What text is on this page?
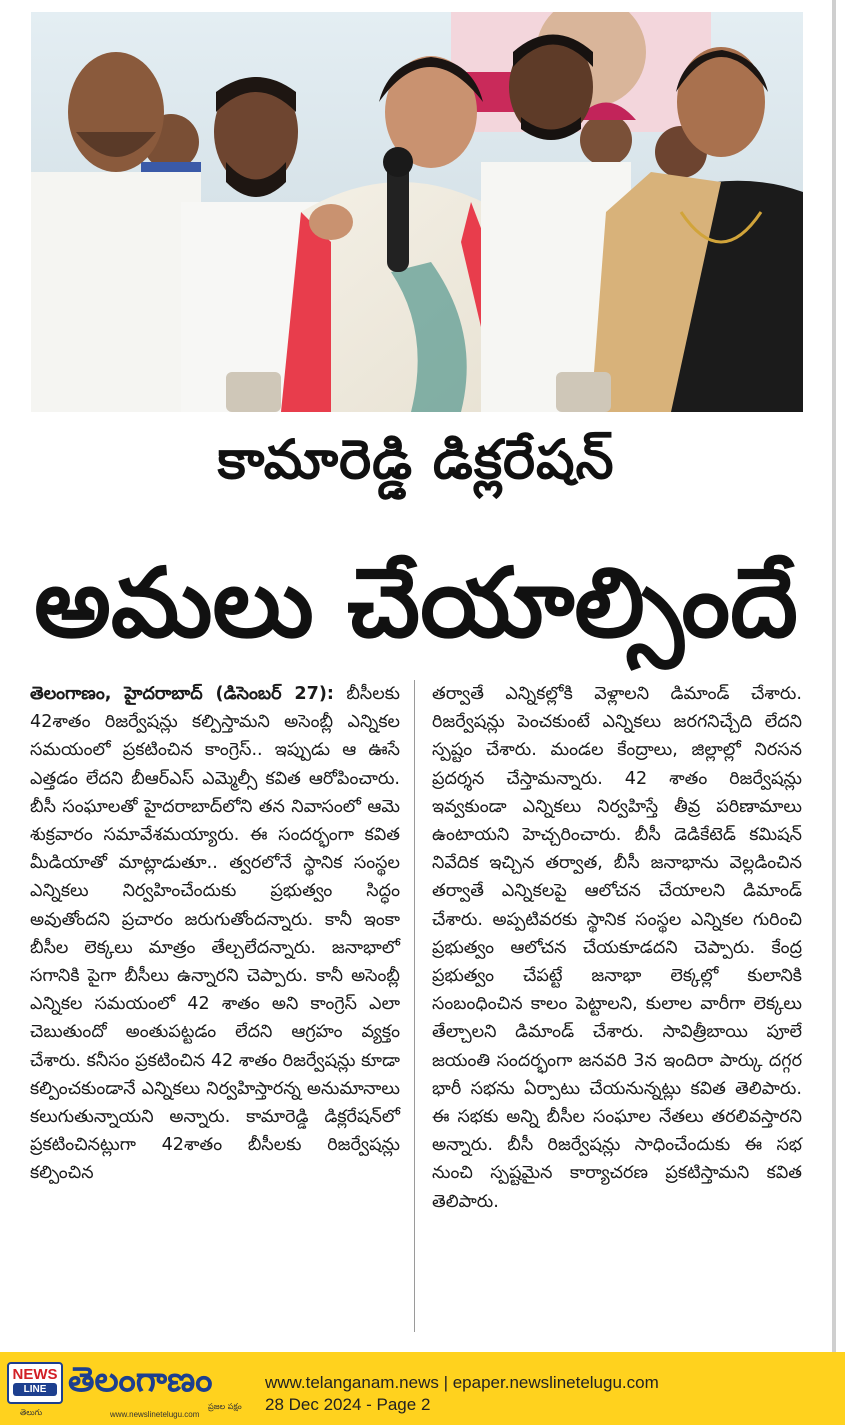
కామారెడ్డి డిక్లరేషన్
అమలు చేయాల్సిందే
తెలంగాణం, హైదరాబాద్ (డిసెంబర్ 27): బీసీలకు 42శాతం రిజర్వేషన్లు కల్పిస్తామని అసెంబ్లీ ఎన్నికల సమయంలో ప్రకటించిన కాంగ్రెస్.. ఇప్పుడు ఆ ఊసే ఎత్తడం లేదని బీఆర్ఎస్ ఎమ్మెల్సీ కవిత ఆరోపించారు. బీసీ సంఘాలతో హైదరాబాద్‌లోని తన నివాసంలో ఆమె శుక్రవారం సమావేశమయ్యారు. ఈ సందర్భంగా కవిత మీడియాతో మాట్లాడుతూ.. త్వరలోనే స్థానిక సంస్థల ఎన్నికలు నిర్వహించేందుకు ప్రభుత్వం సిద్ధం అవుతోందని ప్రచారం జరుగుతోందన్నారు. కానీ ఇంకా బీసీల లెక్కలు మాత్రం తేల్చలేదన్నారు. జనాభాలో సగానికి పైగా బీసీలు ఉన్నారని చెప్పారు. కానీ అసెంబ్లీ ఎన్నికల సమయంలో 42 శాతం అని కాంగ్రెస్ ఎలా చెబుతుందో అంతుపట్టడం లేదని ఆగ్రహం వ్యక్తం చేశారు. కనీసం ప్రకటించిన 42 శాతం రిజర్వేషన్లు కూడా కల్పించకుండానే ఎన్నికలు నిర్వహిస్తారన్న అనుమానాలు కలుగుతున్నాయని అన్నారు. కామారెడ్డి డిక్లరేషన్‌లో ప్రకటించినట్లుగా 42శాతం బీసీలకు రిజర్వేషన్లు కల్పించిన
తర్వాతే ఎన్నికల్లోకి వెళ్లాలని డిమాండ్ చేశారు. రిజర్వేషన్లు పెంచకుంటే ఎన్నికలు జరగనిచ్చేది లేదని స్పష్టం చేశారు. మండల కేంద్రాలు, జిల్లాల్లో నిరసన ప్రదర్శన చేస్తామన్నారు. 42 శాతం రిజర్వేషన్లు ఇవ్వకుండా ఎన్నికలు నిర్వహిస్తే తీవ్ర పరిణామాలు ఉంటాయని హెచ్చరించారు. బీసీ డెడికేటెడ్ కమిషన్ నివేదిక ఇచ్చిన తర్వాత, బీసీ జనాభాను వెల్లడించిన తర్వాతే ఎన్నికలపై ఆలోచన చేయాలని డిమాండ్ చేశారు. అప్పటివరకు స్థానిక సంస్థల ఎన్నికల గురించి ప్రభుత్వం ఆలోచన చేయకూడదని చెప్పారు. కేంద్ర ప్రభుత్వం చేపట్టే జనాభా లెక్కల్లో కులానికి సంబంధించిన కాలం పెట్టాలని, కులాల వారీగా లెక్కలు తేల్చాలని డిమాండ్ చేశారు. సావిత్రీబాయి పూలే జయంతి సందర్భంగా జనవరి 3న ఇందిరా పార్కు దగ్గర భారీ సభను ఏర్పాటు చేయనున్నట్లు కవిత తెలిపారు. ఈ సభకు అన్ని బీసీల సంఘాల నేతలు తరలివస్తారని అన్నారు. బీసీ రిజర్వేషన్లు సాధించేందుకు ఈ సభ నుంచి స్పష్టమైన కార్యాచరణ ప్రకటిస్తామని కవిత తెలిపారు.
NEWS
LINE
తెలుగు
తెలంగాణం
ప్రజల పక్షం
www.newslinetelugu.com
www.telanganam.news | epaper.newslinetelugu.com
28 Dec 2024 - Page 2
